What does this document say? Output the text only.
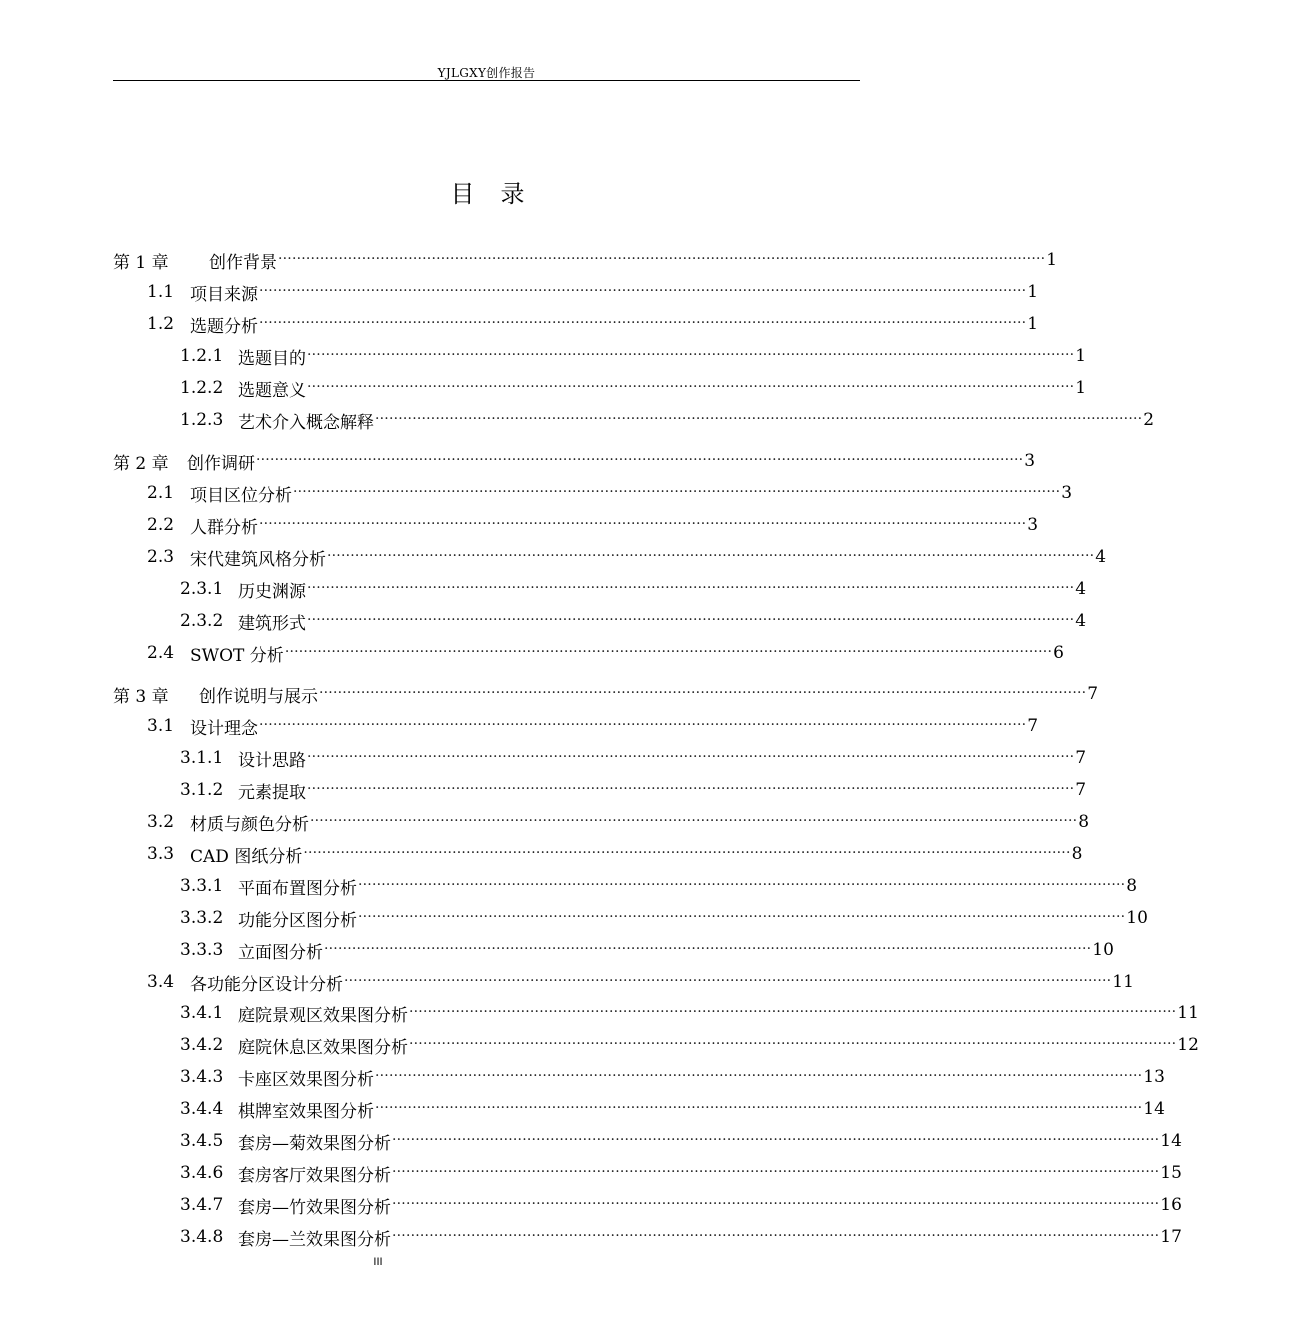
YJLGXY创作报告
目 录
第 1 章	创作背景 ····································································································································································· 1
1.1 项目来源 ····································································································································································· 1
1.2 选题分析 ····································································································································································· 1
1.2.1 选题目的 ····································································································································································· 1
1.2.2 选题意义 ····································································································································································· 1
1.2.3 艺术介入概念解释 ····································································································································································· 2
第 2 章	创作调研 ····································································································································································· 3
2.1 项目区位分析 ····································································································································································· 3
2.2 人群分析 ····································································································································································· 3
2.3 宋代建筑风格分析 ····································································································································································· 4
2.3.1 历史渊源 ····································································································································································· 4
2.3.2 建筑形式 ····································································································································································· 4
2.4 SWOT 分析 ····································································································································································· 6
第 3 章	创作说明与展示 ····································································································································································· 7
3.1 设计理念 ····································································································································································· 7
3.1.1 设计思路 ····································································································································································· 7
3.1.2 元素提取 ····································································································································································· 7
3.2 材质与颜色分析 ····································································································································································· 8
3.3 CAD 图纸分析 ····································································································································································· 8
3.3.1 平面布置图分析 ····································································································································································· 8
3.3.2 功能分区图分析 ····································································································································································· 10
3.3.3 立面图分析 ····································································································································································· 10
3.4 各功能分区设计分析 ····································································································································································· 11
3.4.1 庭院景观区效果图分析 ····································································································································································· 11
3.4.2 庭院休息区效果图分析 ····································································································································································· 12
3.4.3 卡座区效果图分析 ····································································································································································· 13
3.4.4 棋牌室效果图分析 ····································································································································································· 14
3.4.5 套房—菊效果图分析 ····································································································································································· 14
3.4.6 套房客厅效果图分析 ····································································································································································· 15
3.4.7 套房—竹效果图分析 ····································································································································································· 16
3.4.8 套房—兰效果图分析 ····································································································································································· 17
III
